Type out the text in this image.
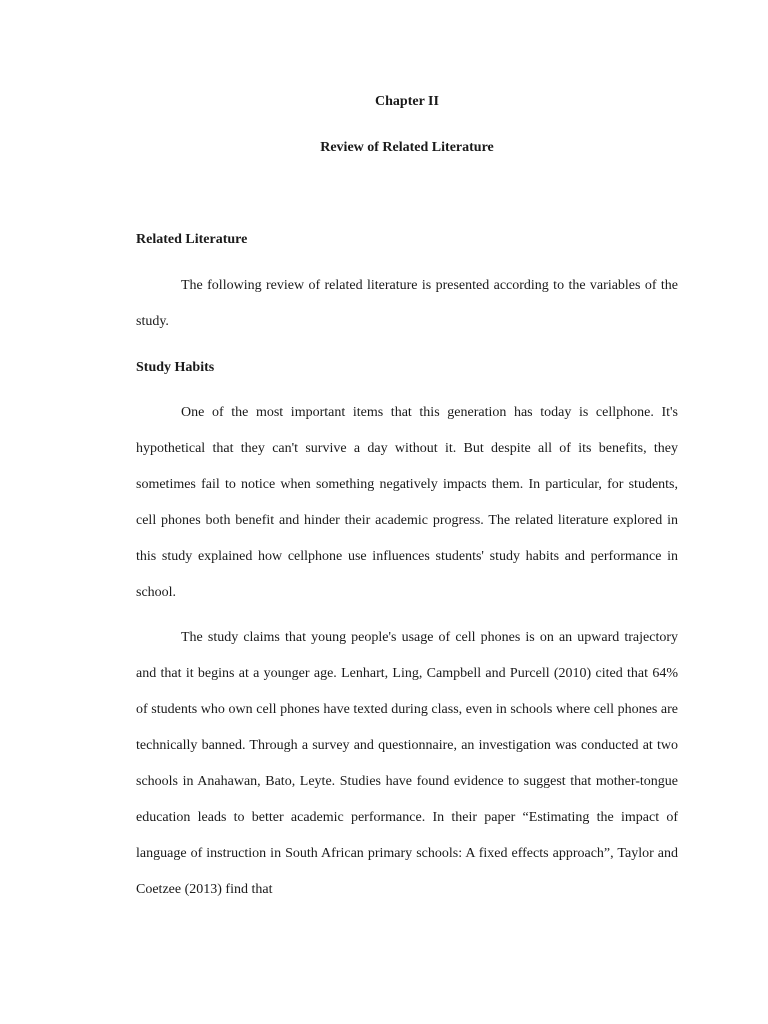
Chapter II
Review of Related Literature
Related Literature

The following review of related literature is presented according to the variables of the study.

Study Habits

One of the most important items that this generation has today is cellphone. It's hypothetical that they can't survive a day without it. But despite all of its benefits, they sometimes fail to notice when something negatively impacts them. In particular, for students, cell phones both benefit and hinder their academic progress. The related literature explored in this study explained how cellphone use influences students' study habits and performance in school.

The study claims that young people's usage of cell phones is on an upward trajectory and that it begins at a younger age. Lenhart, Ling, Campbell and Purcell (2010) cited that 64% of students who own cell phones have texted during class, even in schools where cell phones are technically banned. Through a survey and questionnaire, an investigation was conducted at two schools in Anahawan, Bato, Leyte. Studies have found evidence to suggest that mother-tongue education leads to better academic performance. In their paper “Estimating the impact of language of instruction in South African primary schools: A fixed effects approach”, Taylor and Coetzee (2013) find that
